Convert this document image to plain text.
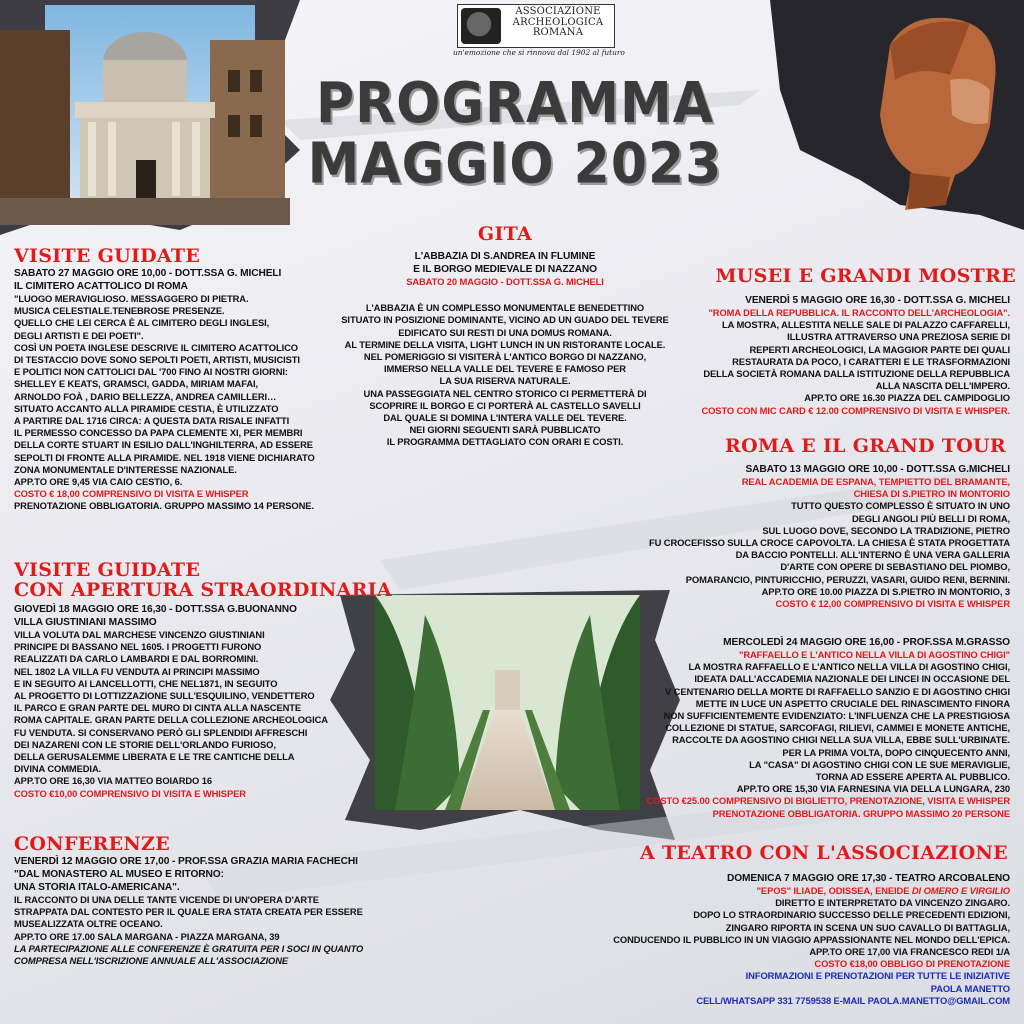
ASSOCIAZIONE
ARCHEOLOGICA
ROMANA
un'emozione che si rinnova dal 1902 al futuro
PROGRAMMA
MAGGIO 2023
VISITE GUIDATE
SABATO 27 MAGGIO ORE 10,00 - DOTT.SSA G. MICHELI
IL CIMITERO ACATTOLICO DI ROMA
"LUOGO MERAVIGLIOSO. MESSAGGERO DI PIETRA.
MUSICA CELESTIALE.TENEBROSE PRESENZE.
QUELLO CHE LEI CERCA È AL CIMITERO DEGLI INGLESI,
DEGLI ARTISTI E DEI POETI".
COSÌ UN POETA INGLESE DESCRIVE IL CIMITERO ACATTOLICO
DI TESTACCIO DOVE SONO SEPOLTI POETI, ARTISTI, MUSICISTI
E POLITICI NON CATTOLICI DAL '700 FINO AI NOSTRI GIORNI:
SHELLEY E KEATS, GRAMSCI, GADDA, MIRIAM MAFAI,
ARNOLDO FOÀ , DARIO BELLEZZA, ANDREA CAMILLERI…
SITUATO ACCANTO ALLA PIRAMIDE CESTIA, È UTILIZZATO
A PARTIRE DAL 1716 CIRCA: A QUESTA DATA RISALE INFATTI
IL PERMESSO CONCESSO DA PAPA CLEMENTE XI, PER MEMBRI
DELLA CORTE STUART IN ESILIO DALL'INGHILTERRA, AD ESSERE
SEPOLTI DI FRONTE ALLA PIRAMIDE. NEL 1918 VIENE DICHIARATO
ZONA MONUMENTALE D'INTERESSE NAZIONALE.
APP.TO ORE 9,45 VIA CAIO CESTIO, 6.
COSTO € 18,00 COMPRENSIVO DI VISITA E WHISPER
PRENOTAZIONE OBBLIGATORIA. GRUPPO MASSIMO 14 PERSONE.
VISITE GUIDATE
CON APERTURA STRAORDINARIA
GIOVEDÌ 18 MAGGIO ORE 16,30 - DOTT.SSA G.BUONANNO
VILLA GIUSTINIANI MASSIMO
VILLA VOLUTA DAL MARCHESE VINCENZO GIUSTINIANI
PRINCIPE DI BASSANO NEL 1605. I PROGETTI FURONO
REALIZZATI DA CARLO LAMBARDI E DAL BORROMINI.
NEL 1802 LA VILLA FU VENDUTA AI PRINCIPI MASSIMO
E IN SEGUITO AI LANCELLOTTI, CHE NEL1871, IN SEGUITO
AL PROGETTO DI LOTTIZZAZIONE SULL'ESQUILINO, VENDETTERO
IL PARCO E GRAN PARTE DEL MURO DI CINTA ALLA NASCENTE
ROMA CAPITALE. GRAN PARTE DELLA COLLEZIONE ARCHEOLOGICA
FU VENDUTA. SI CONSERVANO PERÒ GLI SPLENDIDI AFFRESCHI
DEI NAZARENI CON LE STORIE DELL'ORLANDO FURIOSO,
DELLA GERUSALEMME LIBERATA E LE TRE CANTICHE DELLA
DIVINA COMMEDIA.
APP.TO ORE 16,30 VIA MATTEO BOIARDO 16
COSTO €10,00 COMPRENSIVO DI VISITA E WHISPER
CONFERENZE
VENERDÌ 12 MAGGIO ORE 17,00 - PROF.SSA GRAZIA MARIA FACHECHI
"DAL MONASTERO AL MUSEO E RITORNO:
UNA STORIA ITALO-AMERICANA".
IL RACCONTO DI UNA DELLE TANTE VICENDE DI UN'OPERA D'ARTE
STRAPPATA DAL CONTESTO PER IL QUALE ERA STATA CREATA PER ESSERE
MUSEALIZZATA OLTRE OCEANO.
APP.TO ORE 17.00 SALA MARGANA - PIAZZA MARGANA, 39
LA PARTECIPAZIONE ALLE CONFERENZE È GRATUITA PER I SOCI IN QUANTO
COMPRESA NELL'ISCRIZIONE ANNUALE ALL'ASSOCIAZIONE
GITA
L'ABBAZIA DI S.ANDREA IN FLUMINE
E IL BORGO MEDIEVALE DI NAZZANO
SABATO 20 MAGGIO - DOTT.SSA G. MICHELI
L'ABBAZIA È UN COMPLESSO MONUMENTALE BENEDETTINO
SITUATO IN POSIZIONE DOMINANTE, VICINO AD UN GUADO DEL TEVERE
EDIFICATO SUI RESTI DI UNA DOMUS ROMANA.
AL TERMINE DELLA VISITA, LIGHT LUNCH IN UN RISTORANTE LOCALE.
NEL POMERIGGIO SI VISITERÀ L'ANTICO BORGO DI NAZZANO,
IMMERSO NELLA VALLE DEL TEVERE E FAMOSO PER
LA SUA RISERVA NATURALE.
UNA PASSEGGIATA NEL CENTRO STORICO CI PERMETTERÀ DI
SCOPRIRE IL BORGO E CI PORTERÀ AL CASTELLO SAVELLI
DAL QUALE SI DOMINA L'INTERA VALLE DEL TEVERE.
NEI GIORNI SEGUENTI SARÀ PUBBLICATO
IL PROGRAMMA DETTAGLIATO CON ORARI E COSTI.
MUSEI E GRANDI MOSTRE
VENERDÌ 5 MAGGIO ORE 16,30 - DOTT.SSA G. MICHELI
"ROMA DELLA REPUBBLICA. IL RACCONTO DELL'ARCHEOLOGIA".
LA MOSTRA, ALLESTITA NELLE SALE DI PALAZZO CAFFARELLI,
ILLUSTRA ATTRAVERSO UNA PREZIOSA SERIE DI
REPERTI ARCHEOLOGICI, LA MAGGIOR PARTE DEI QUALI
RESTAURATA DA POCO, I CARATTERI E LE TRASFORMAZIONI
DELLA SOCIETÀ ROMANA DALLA ISTITUZIONE DELLA REPUBBLICA
ALLA NASCITA DELL'IMPERO.
APP.TO ORE 16.30 PIAZZA DEL CAMPIDOGLIO
COSTO CON MIC CARD € 12.00 COMPRENSIVO DI VISITA E WHISPER.
ROMA E IL GRAND TOUR
SABATO 13 MAGGIO ORE 10,00 - DOTT.SSA G.MICHELI
REAL ACADEMIA DE ESPANA, TEMPIETTO DEL BRAMANTE,
CHIESA DI S.PIETRO IN MONTORIO
TUTTO QUESTO COMPLESSO È SITUATO IN UNO
DEGLI ANGOLI PIÙ BELLI DI ROMA,
SUL LUOGO DOVE, SECONDO LA TRADIZIONE, PIETRO
FU CROCEFISSO SULLA CROCE CAPOVOLTA. LA CHIESA È STATA PROGETTATA
DA BACCIO PONTELLI. ALL'INTERNO È UNA VERA GALLERIA
D'ARTE CON OPERE DI SEBASTIANO DEL PIOMBO,
POMARANCIO, PINTURICCHIO, PERUZZI, VASARI, GUIDO RENI, BERNINI.
APP.TO ORE 10.00 PIAZZA DI S.PIETRO IN MONTORIO, 3
COSTO € 12,00 COMPRENSIVO DI VISITA E WHISPER
MERCOLEDÌ 24 MAGGIO ORE 16,00 - PROF.SSA M.GRASSO
"RAFFAELLO E L'ANTICO NELLA VILLA DI AGOSTINO CHIGI"
LA MOSTRA RAFFAELLO E L'ANTICO NELLA VILLA DI AGOSTINO CHIGI,
IDEATA DALL'ACCADEMIA NAZIONALE DEI LINCEI IN OCCASIONE DEL
V CENTENARIO DELLA MORTE DI RAFFAELLO SANZIO E DI AGOSTINO CHIGI
METTE IN LUCE UN ASPETTO CRUCIALE DEL RINASCIMENTO FINORA
NON SUFFICIENTEMENTE EVIDENZIATO: L'INFLUENZA CHE LA PRESTIGIOSA
COLLEZIONE DI STATUE, SARCOFAGI, RILIEVI, CAMMEI E MONETE ANTICHE,
RACCOLTE DA AGOSTINO CHIGI NELLA SUA VILLA, EBBE SULL'URBINATE.
PER LA PRIMA VOLTA, DOPO CINQUECENTO ANNI,
LA "CASA" DI AGOSTINO CHIGI CON LE SUE MERAVIGLIE,
TORNA AD ESSERE APERTA AL PUBBLICO.
APP.TO ORE 15,30 VIA FARNESINA VIA DELLA LUNGARA, 230
COSTO €25.00 COMPRENSIVO DI BIGLIETTO, PRENOTAZIONE, VISITA E WHISPER
PRENOTAZIONE OBBLIGATORIA. GRUPPO MASSIMO 20 PERSONE
A TEATRO CON L'ASSOCIAZIONE
DOMENICA 7 MAGGIO ORE 17,30 - TEATRO ARCOBALENO
"EPOS" ILIADE, ODISSEA, ENEIDE DI OMERO E VIRGILIO
DIRETTO E INTERPRETATO DA VINCENZO ZINGARO.
DOPO LO STRAORDINARIO SUCCESSO DELLE PRECEDENTI EDIZIONI,
ZINGARO RIPORTA IN SCENA UN SUO CAVALLO DI BATTAGLIA,
CONDUCENDO IL PUBBLICO IN UN VIAGGIO APPASSIONANTE NEL MONDO DELL'EPICA.
APP.TO ORE 17,00 VIA FRANCESCO REDI 1/A
COSTO €18,00 OBBLIGO DI PRENOTAZIONE
INFORMAZIONI E PRENOTAZIONI PER TUTTE LE INIZIATIVE
PAOLA MANETTO
CELL/WHATSAPP 331 7759538 E-MAIL PAOLA.MANETTO@GMAIL.COM
